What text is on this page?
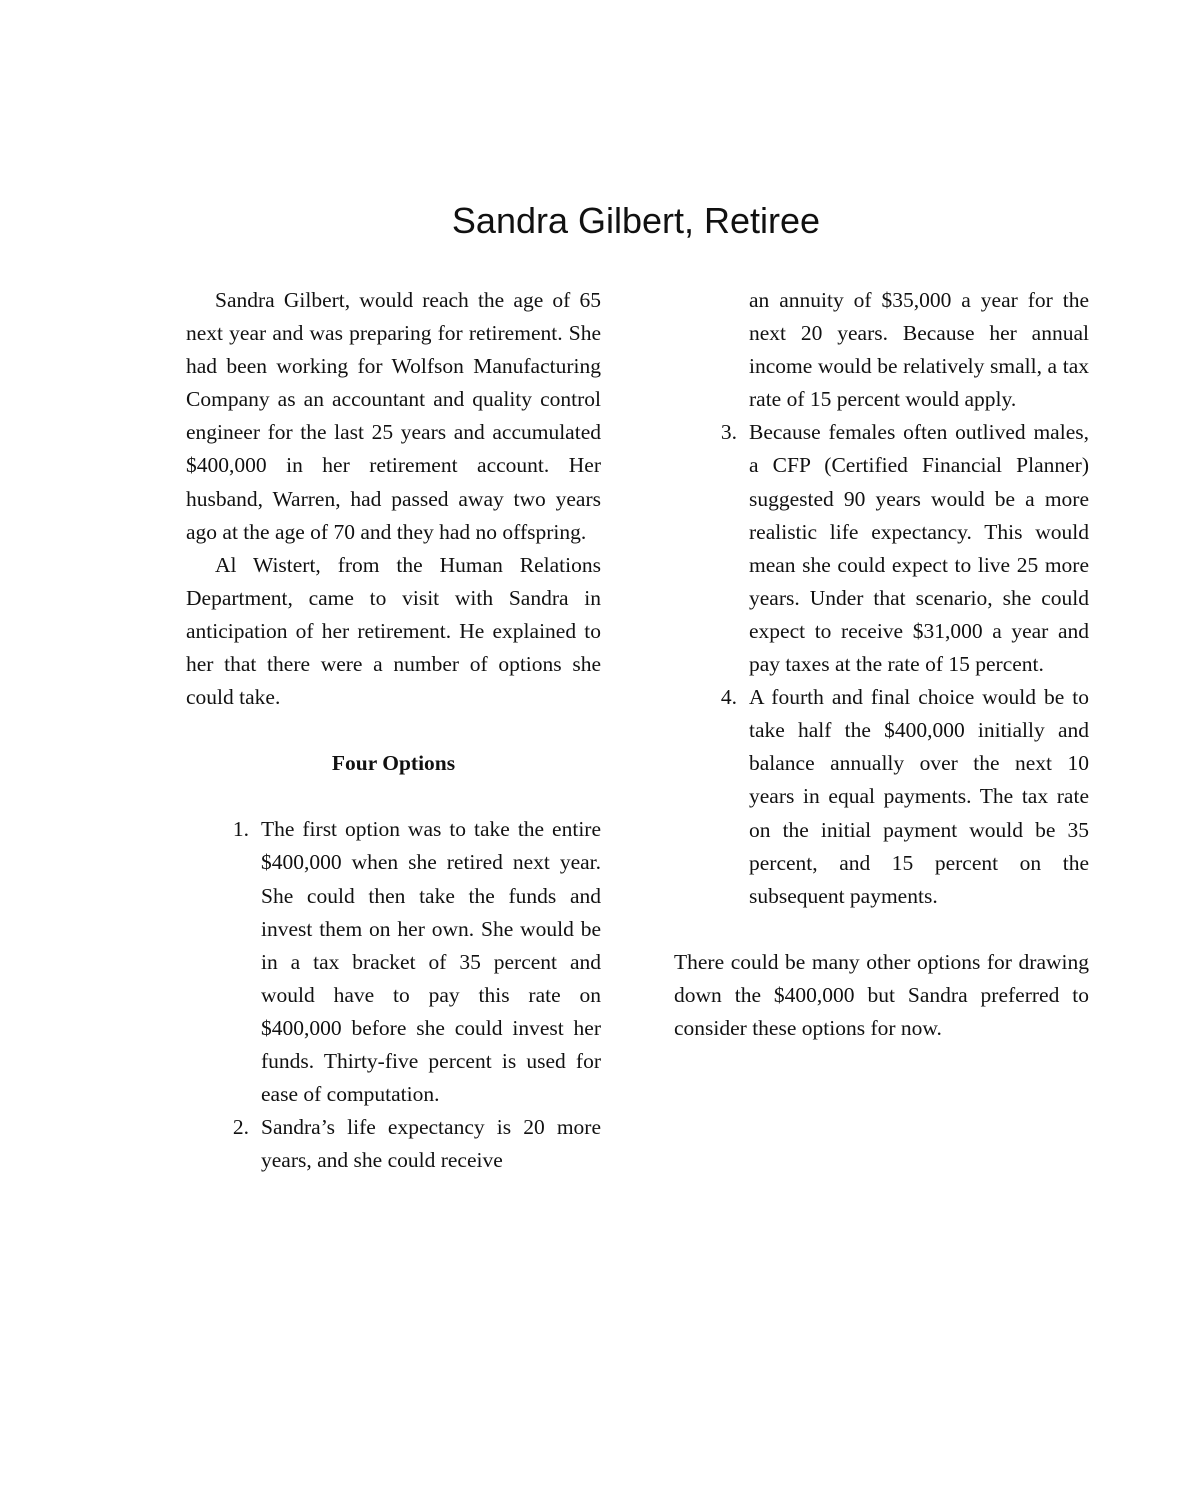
Sandra Gilbert, Retiree

Sandra Gilbert, would reach the age of 65 next year and was preparing for retirement. She had been working for Wolfson Manufacturing Company as an accountant and quality control engineer for the last 25 years and accumulated $400,000 in her retirement account. Her husband, Warren, had passed away two years ago at the age of 70 and they had no offspring.

Al Wistert, from the Human Relations Department, came to visit with Sandra in anticipation of her retirement. He explained to her that there were a number of options she could take.

Four Options

1. The first option was to take the entire $400,000 when she retired next year. She could then take the funds and invest them on her own. She would be in a tax bracket of 35 percent and would have to pay this rate on $400,000 before she could invest her funds. Thirty-five percent is used for ease of computation.
2. Sandra’s life expectancy is 20 more years, and she could receive
an annuity of $35,000 a year for the next 20 years. Because her annual income would be relatively small, a tax rate of 15 percent would apply.
3. Because females often outlived males, a CFP (Certified Financial Planner) suggested 90 years would be a more realistic life expectancy. This would mean she could expect to live 25 more years. Under that scenario, she could expect to receive $31,000 a year and pay taxes at the rate of 15 percent.
4. A fourth and final choice would be to take half the $400,000 initially and balance annually over the next 10 years in equal payments. The tax rate on the initial payment would be 35 percent, and 15 percent on the subsequent payments.

There could be many other options for drawing down the $400,000 but Sandra preferred to consider these options for now.
